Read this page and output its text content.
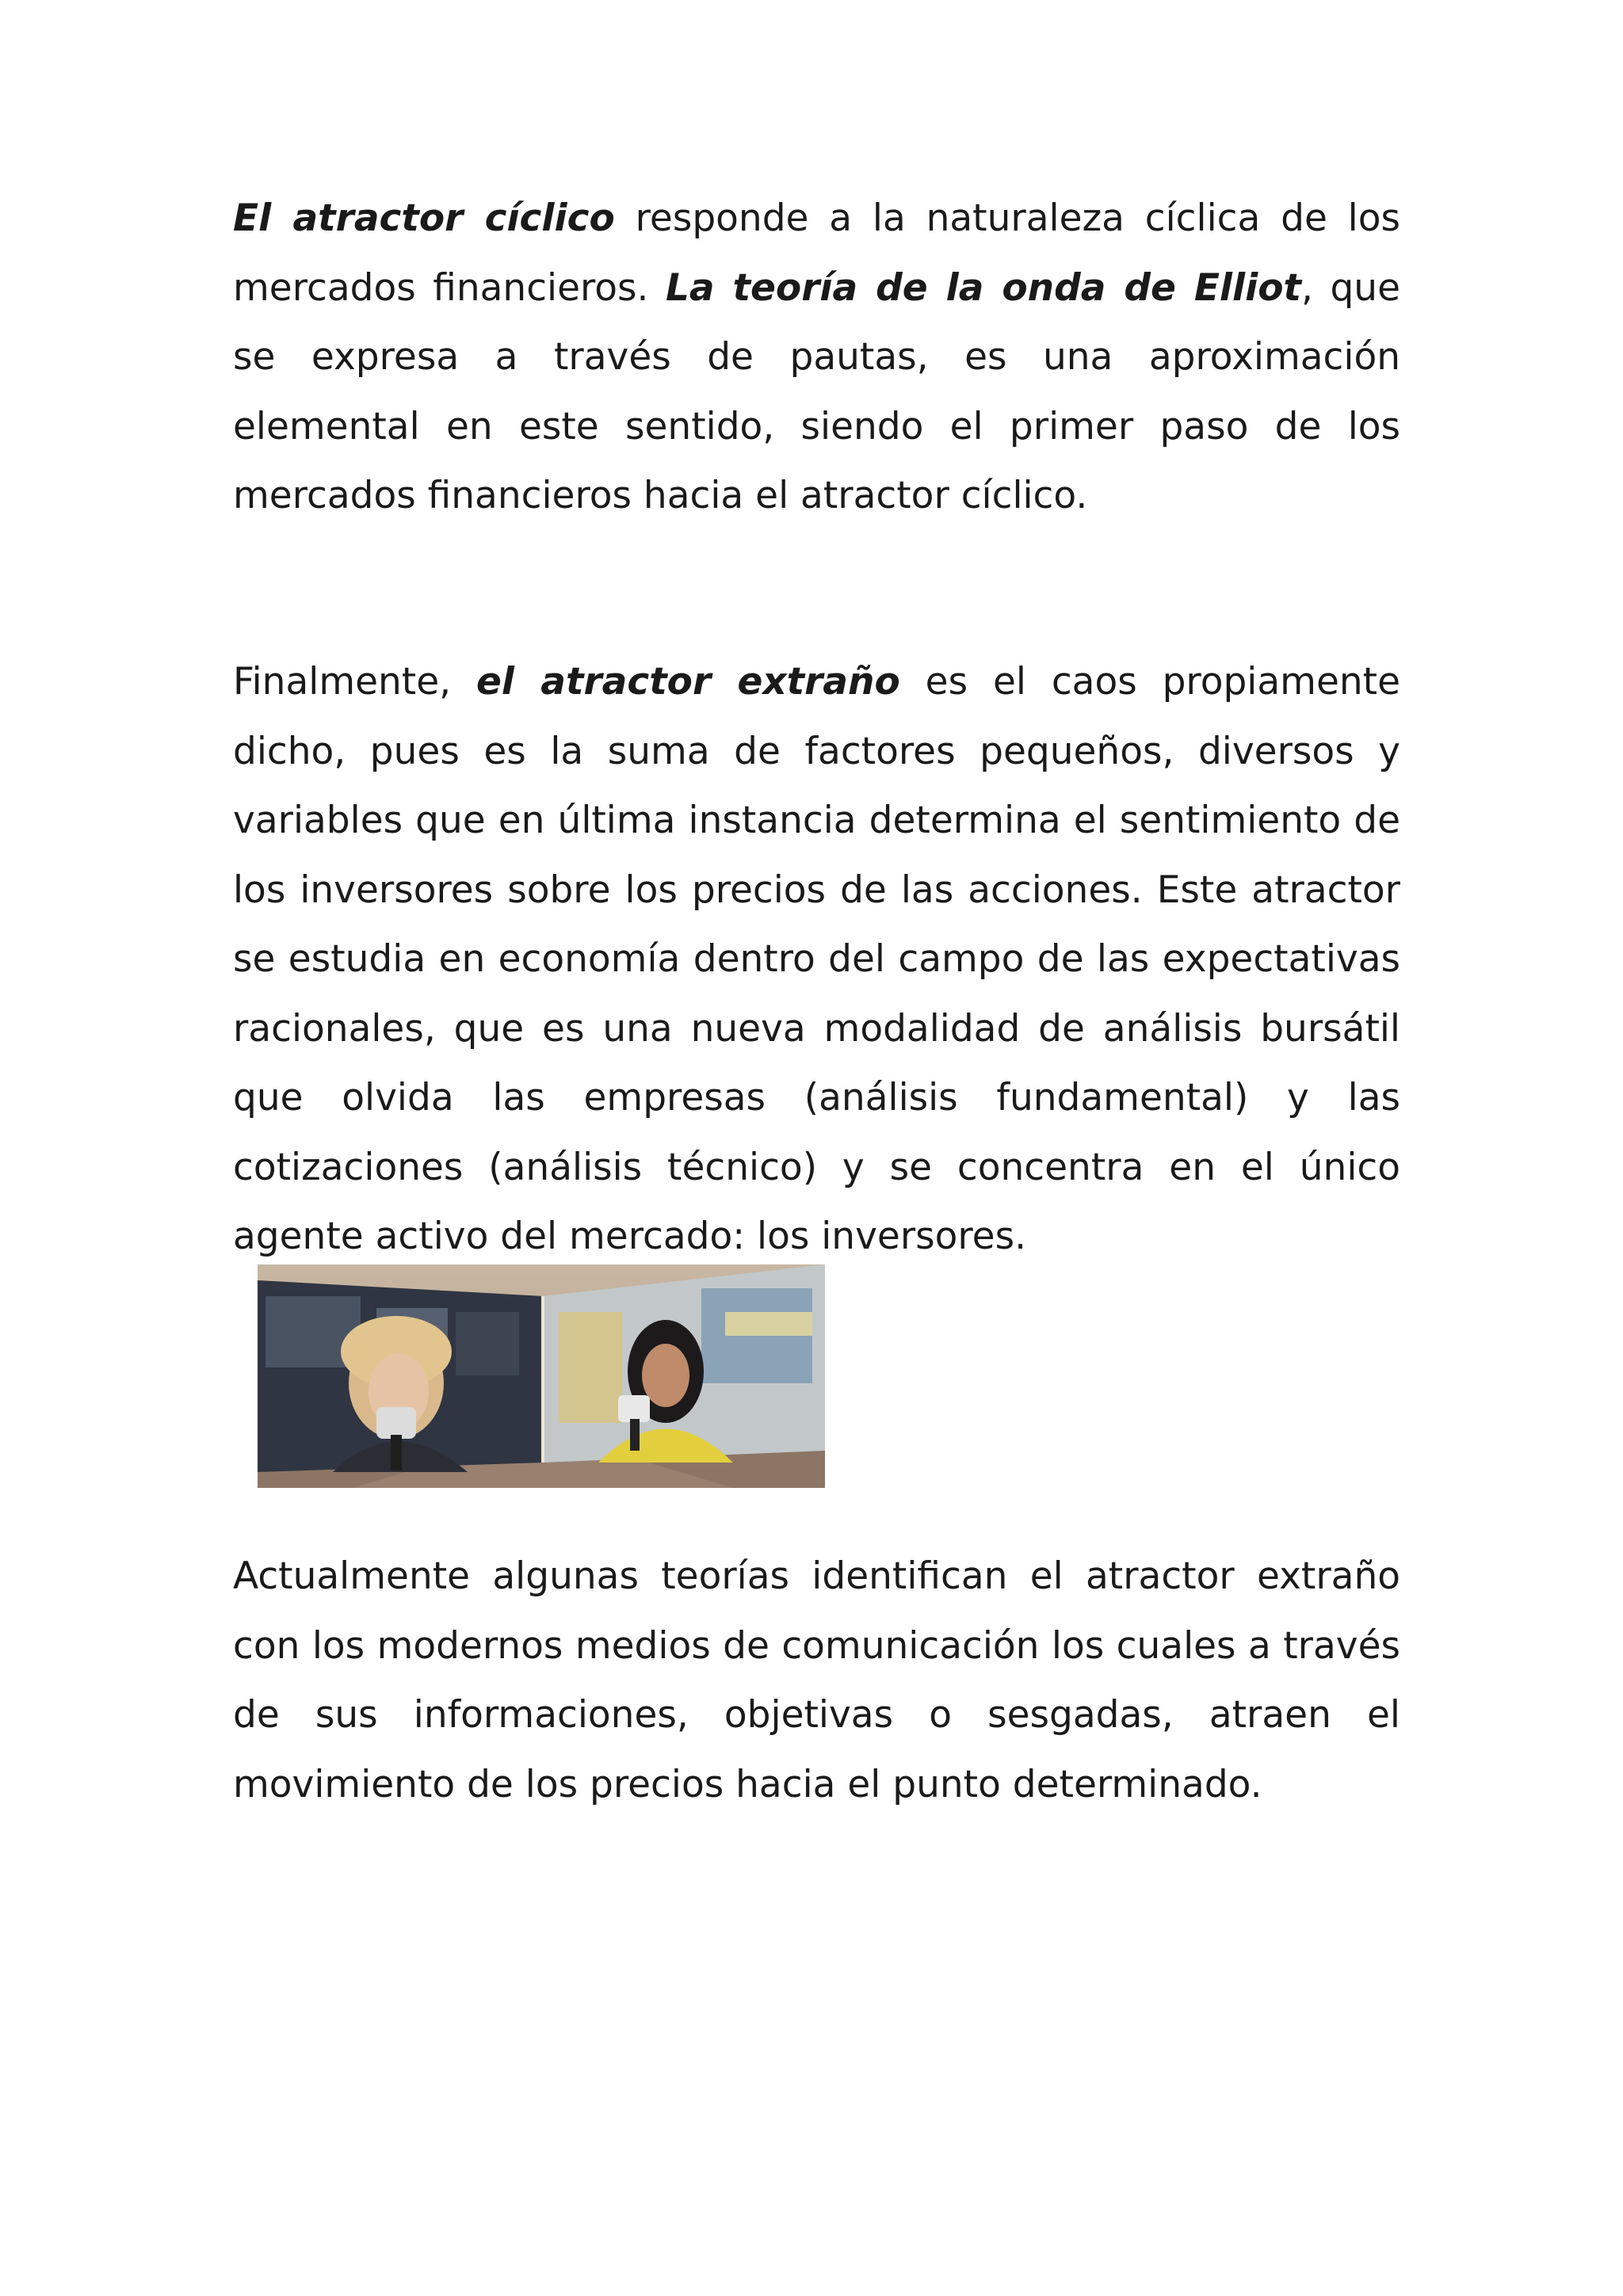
El atractor cíclico responde a la naturaleza cíclica de los mercados financieros. La teoría de la onda de Elliot, que se expresa a través de pautas, es una aproximación elemental en este sentido, siendo el primer paso de los mercados financieros hacia el atractor cíclico.

Finalmente, el atractor extraño es el caos propiamente dicho, pues es la suma de factores pequeños, diversos y variables que en última instancia determina el sentimiento de los inversores sobre los precios de las acciones. Este atractor se estudia en economía dentro del campo de las expectativas racionales, que es una nueva modalidad de análisis bursátil que olvida las empresas (análisis fundamental) y las cotizaciones (análisis técnico) y se concentra en el único agente activo del mercado: los inversores.

Actualmente algunas teorías identifican el atractor extraño con los modernos medios de comunicación los cuales a través de sus informaciones, objetivas o sesgadas, atraen el movimiento de los precios hacia el punto determinado.
